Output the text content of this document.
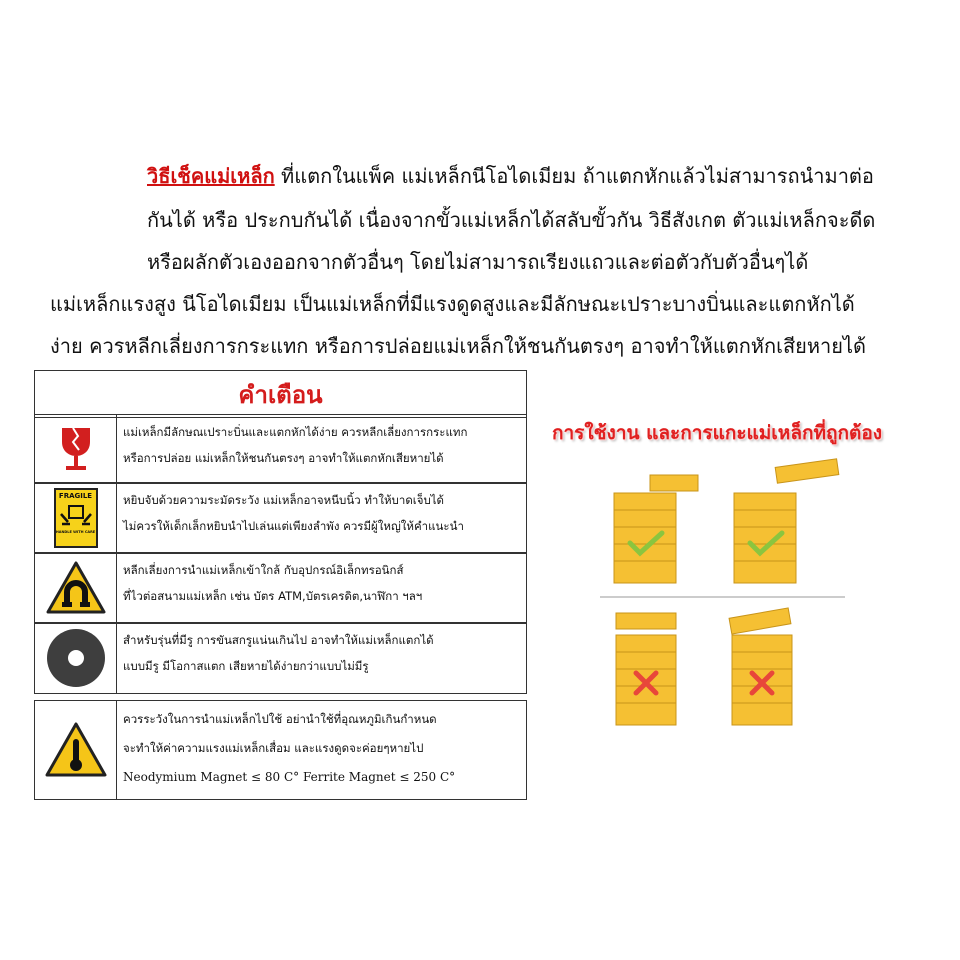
วิธีเช็คแม่เหล็ก ที่แตกในแพ็ค แม่เหล็กนีโอไดเมียม ถ้าแตกหักแล้วไม่สามารถนำมาต่อ
กันได้ หรือ ประกบกันได้ เนื่องจากขั้วแม่เหล็กได้สลับขั้วกัน วิธีสังเกต ตัวแม่เหล็กจะดีด
หรือผลักตัวเองออกจากตัวอื่นๆ โดยไม่สามารถเรียงแถวและต่อตัวกับตัวอื่นๆได้
แม่เหล็กแรงสูง นีโอไดเมียม เป็นแม่เหล็กที่มีแรงดูดสูงและมีลักษณะเปราะบางบิ่นและแตกหักได้
ง่าย ควรหลีกเลี่ยงการกระแทก หรือการปล่อยแม่เหล็กให้ชนกันตรงๆ อาจทำให้แตกหักเสียหายได้
คำเตือน
แม่เหล็กมีลักษณเปราะบิ่นและแตกหักได้ง่าย ควรหลีกเลี่ยงการกระแทก
หรือการปล่อย แม่เหล็กให้ชนกันตรงๆ อาจทำให้แตกหักเสียหายได้
FRAGILE
HANDLE WITH CARE
หยิบจับด้วยความระมัดระวัง แม่เหล็กอาจหนีบนิ้ว ทำให้บาดเจ็บได้
ไม่ควรให้เด็กเล็กหยิบนำไปเล่นแต่เพียงลำพัง ควรมีผู้ใหญ่ให้คำแนะนำ
หลีกเลี่ยงการนำแม่เหล็กเข้าใกล้ กับอุปกรณ์อิเล็กทรอนิกส์
ที่ไวต่อสนามแม่เหล็ก เช่น บัตร ATM,บัตรเครดิต,นาฬิกา ฯลฯ
สำหรับรุ่นที่มีรู การขันสกรูแน่นเกินไป อาจทำให้แม่เหล็กแตกได้
แบบมีรู มีโอกาสแตก เสียหายได้ง่ายกว่าแบบไม่มีรู
ควรระวังในการนำแม่เหล็กไปใช้ อย่านำใช้ที่อุณหภูมิเกินกำหนด
จะทำให้ค่าความแรงแม่เหล็กเสื่อม และแรงดูดจะค่อยๆหายไป
Neodymium Magnet ≤ 80 C° Ferrite Magnet ≤ 250 C°
การใช้งาน และการแกะแม่เหล็กที่ถูกต้อง
